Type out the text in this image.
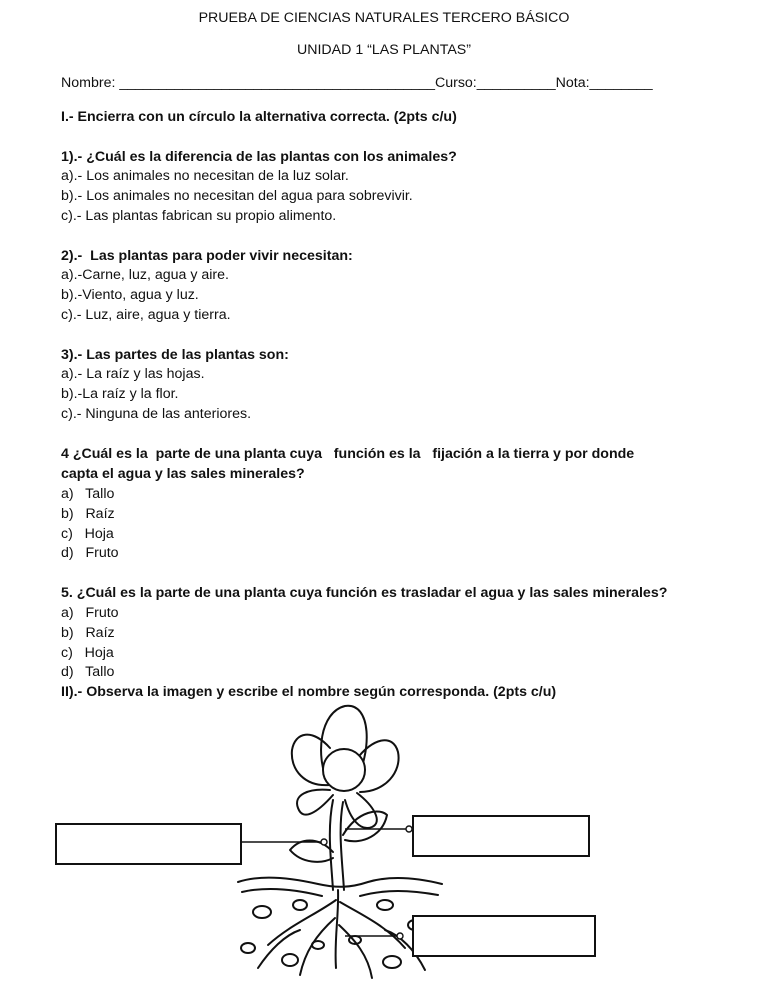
PRUEBA DE CIENCIAS NATURALES TERCERO BÁSICO
UNIDAD 1 “LAS PLANTAS”
Nombre: ________________________________________Curso:__________Nota:________
I.- Encierra con un círculo la alternativa correcta. (2pts c/u)
1).- ¿Cuál es la diferencia de las plantas con los animales?
a).- Los animales no necesitan de la luz solar.
b).- Los animales no necesitan del agua para sobrevivir.
c).- Las plantas fabrican su propio alimento.
2).-  Las plantas para poder vivir necesitan:
a).-Carne, luz, agua y aire.
b).-Viento, agua y luz.
c).- Luz, aire, agua y tierra.
3).- Las partes de las plantas son:
a).- La raíz y las hojas.
b).-La raíz y la flor.
c).- Ninguna de las anteriores.
4 ¿Cuál es la  parte de una planta cuya   función es la   fijación a la tierra y por donde
capta el agua y las sales minerales?
a)   Tallo
b)   Raíz
c)   Hoja
d)   Fruto
5. ¿Cuál es la parte de una planta cuya función es trasladar el agua y las sales minerales?
a)   Fruto
b)   Raíz
c)   Hoja
d)   Tallo
II).- Observa la imagen y escribe el nombre según corresponda. (2pts c/u)
